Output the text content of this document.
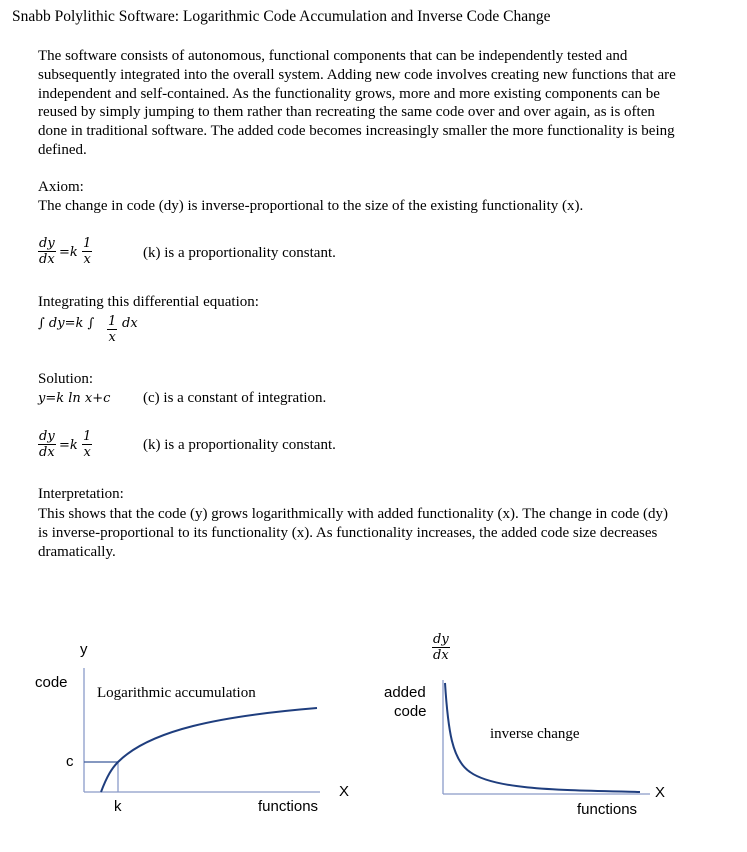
Snabb Polylithic Software: Logarithmic Code Accumulation and Inverse Code Change
The software consists of autonomous, functional components that can be independently tested and subsequently integrated into the overall system. Adding new code involves creating new functions that are independent and self-contained. As the functionality grows, more and more existing components can be reused by simply jumping to them rather than recreating the same code over and over again, as is often done in traditional software. The added code becomes increasingly smaller the more functionality is being defined.
Axiom:
The change in code (dy) is inverse-proportional to the size of the existing functionality (x).
$\frac{dy}{dx} =k \frac{1}{x}$	(k) is a proportionality constant.
Integrating this differential equation:
∫ dy=k ∫ $\frac{1}{x}$ dx
Solution:
y=k ln x+c (c) is a constant of integration.
$\frac{dy}{dx} =k \frac{1}{x}$	(k) is a proportionality constant.
Interpretation:
This shows that the code (y) grows logarithmically with added functionality (x). The change in code (dy) is inverse-proportional to its functionality (x). As functionality increases, the added code size decreases dramatically.
y
code
c
k	functions
X
Logarithmic accumulation
$\frac{dy}{dx}$
added
code
inverse change
X
functions
